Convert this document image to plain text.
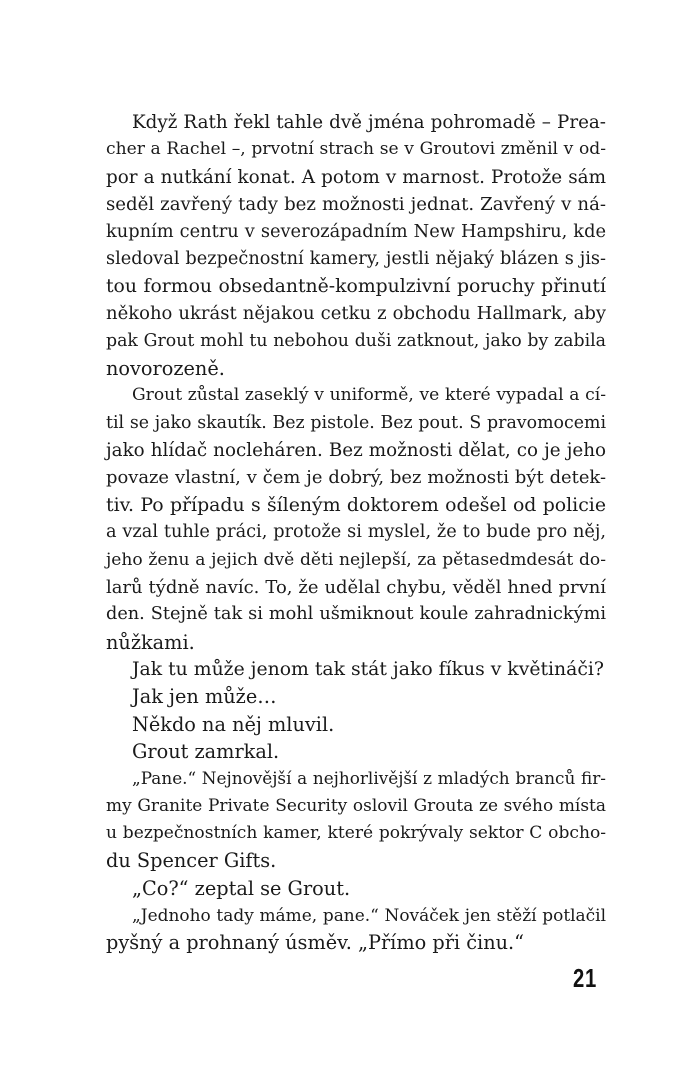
Když Rath řekl tahle dvě jména pohromadě – Prea-
cher a Rachel –, prvotní strach se v Groutovi změnil v od-
por a nutkání konat. A potom v marnost. Protože sám
seděl zavřený tady bez možnosti jednat. Zavřený v ná-
kupním centru v severozápadním New Hampshiru, kde
sledoval bezpečnostní kamery, jestli nějaký blázen s jis-
tou formou obsedantně-kompulzivní poruchy přinutí
někoho ukrást nějakou cetku z obchodu Hallmark, aby
pak Grout mohl tu nebohou duši zatknout, jako by zabila
novorozeně.
Grout zůstal zaseklý v uniformě, ve které vypadal a cí-
til se jako skautík. Bez pistole. Bez pout. S pravomocemi
jako hlídač nocleháren. Bez možnosti dělat, co je jeho
povaze vlastní, v čem je dobrý, bez možnosti být detek-
tiv. Po případu s šíleným doktorem odešel od policie
a vzal tuhle práci, protože si myslel, že to bude pro něj,
jeho ženu a jejich dvě děti nejlepší, za pětasedmdesát do-
larů týdně navíc. To, že udělal chybu, věděl hned první
den. Stejně tak si mohl ušmiknout koule zahradnickými
nůžkami.
Jak tu může jenom tak stát jako fíkus v květináči?
Jak jen může…
Někdo na něj mluvil.
Grout zamrkal.
„Pane.“ Nejnovější a nejhorlivější z mladých branců fir-
my Granite Private Security oslovil Grouta ze svého místa
u bezpečnostních kamer, které pokrývaly sektor C obcho-
du Spencer Gifts.
„Co?“ zeptal se Grout.
„Jednoho tady máme, pane.“ Nováček jen stěží potlačil
pyšný a prohnaný úsměv. „Přímo při činu.“
21
